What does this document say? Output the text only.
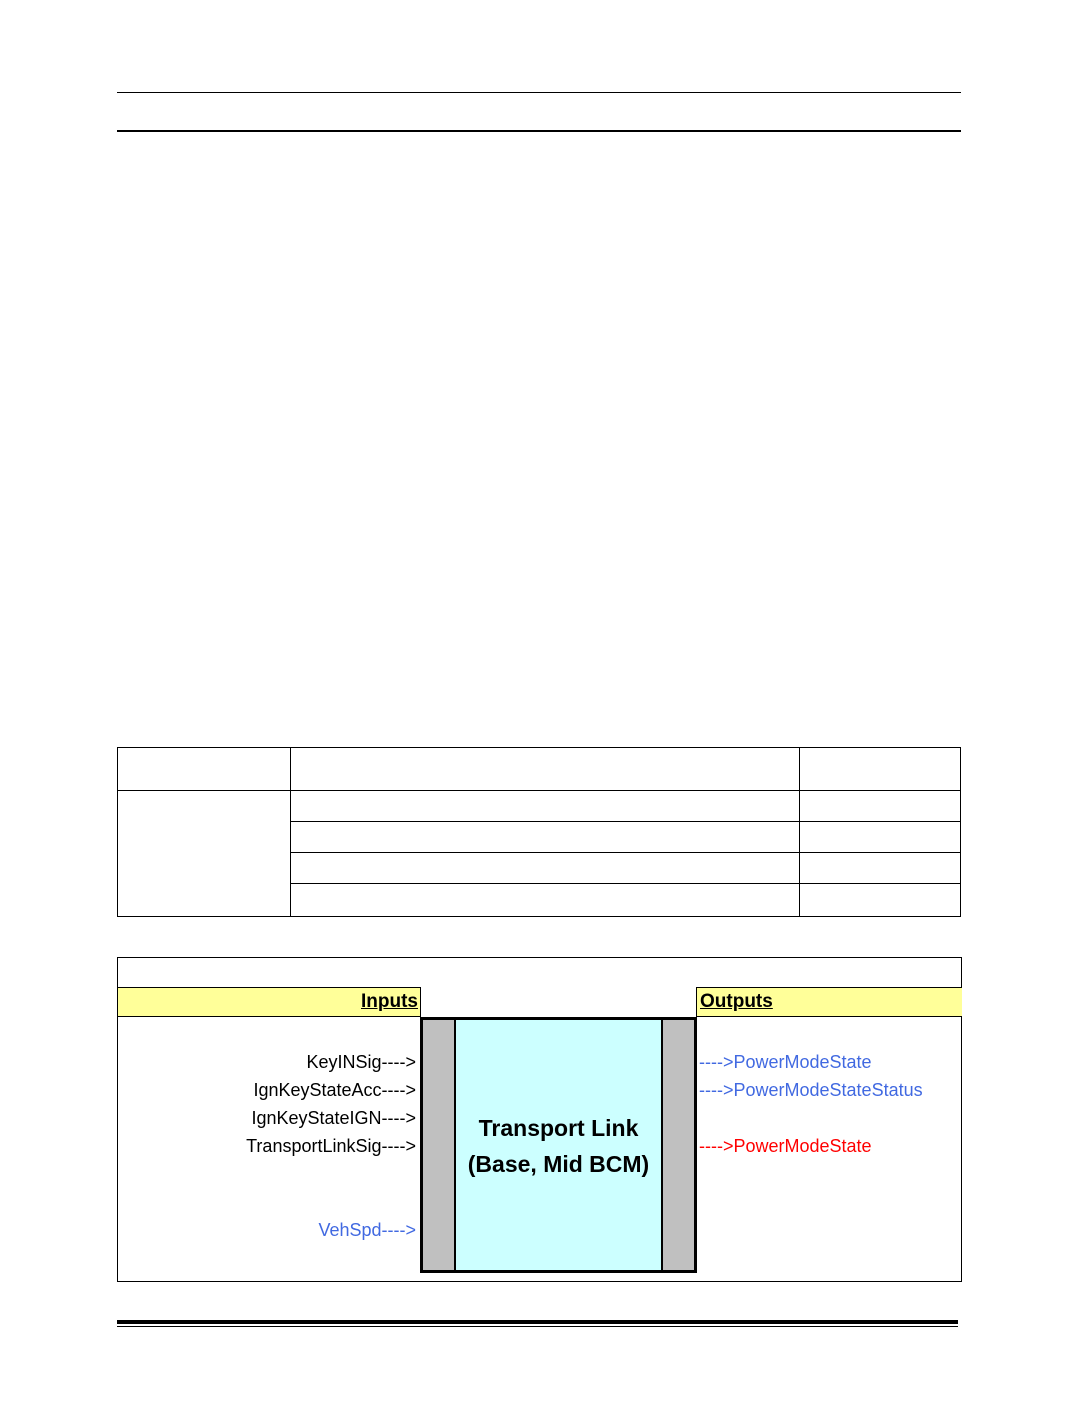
Inputs	Outputs
Transport Link
(Base, Mid BCM)
KeyINSig---->
IgnKeyStateAcc---->
IgnKeyStateIGN---->
TransportLinkSig---->
VehSpd---->
---->PowerModeState
---->PowerModeStateStatus
---->PowerModeState
